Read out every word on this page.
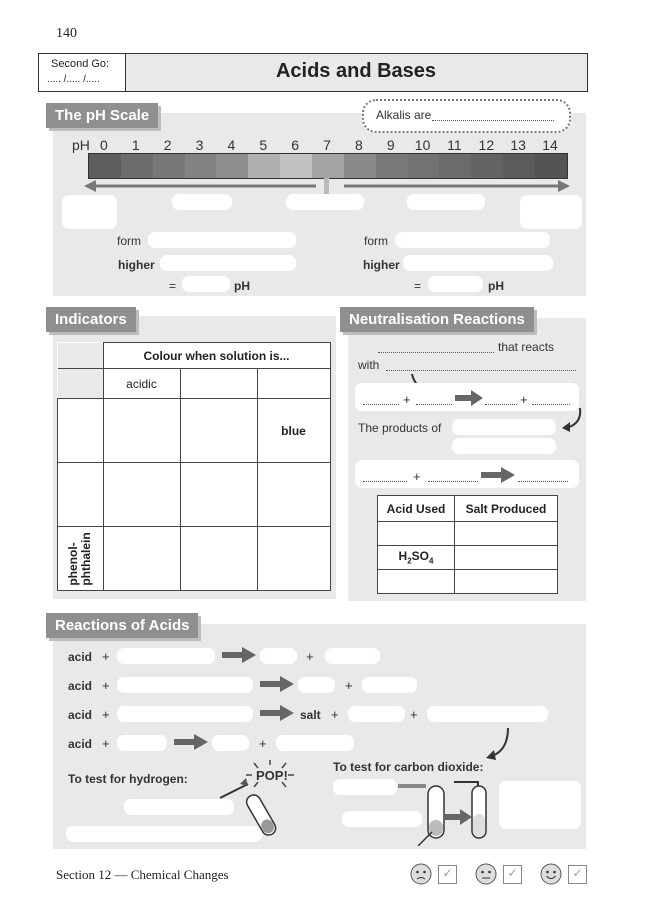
140
Second Go:
..... /..... /.....	Acids and Bases
The pH Scale	Alkalis are
pH 0	1	2	3	4	5	6	7	8	9	10 11 12 13 14
form
higher
=	pH
form
higher
=	pH
Indicators
	Colour when solution is...		
	acidic		
			blue

phenol- phthalein			

Neutralisation Reactions
that reacts
with
+	+
The products of
+
Acid Used	Salt Produced

$H_2SO_4$	

Reactions of Acids
acid +	+
acid +	+
acid +	salt +	+
acid +	+
To test for hydrogen:	POP!
To test for carbon dioxide:
Section 12 — Chemical Changes	✓	✓	✓
